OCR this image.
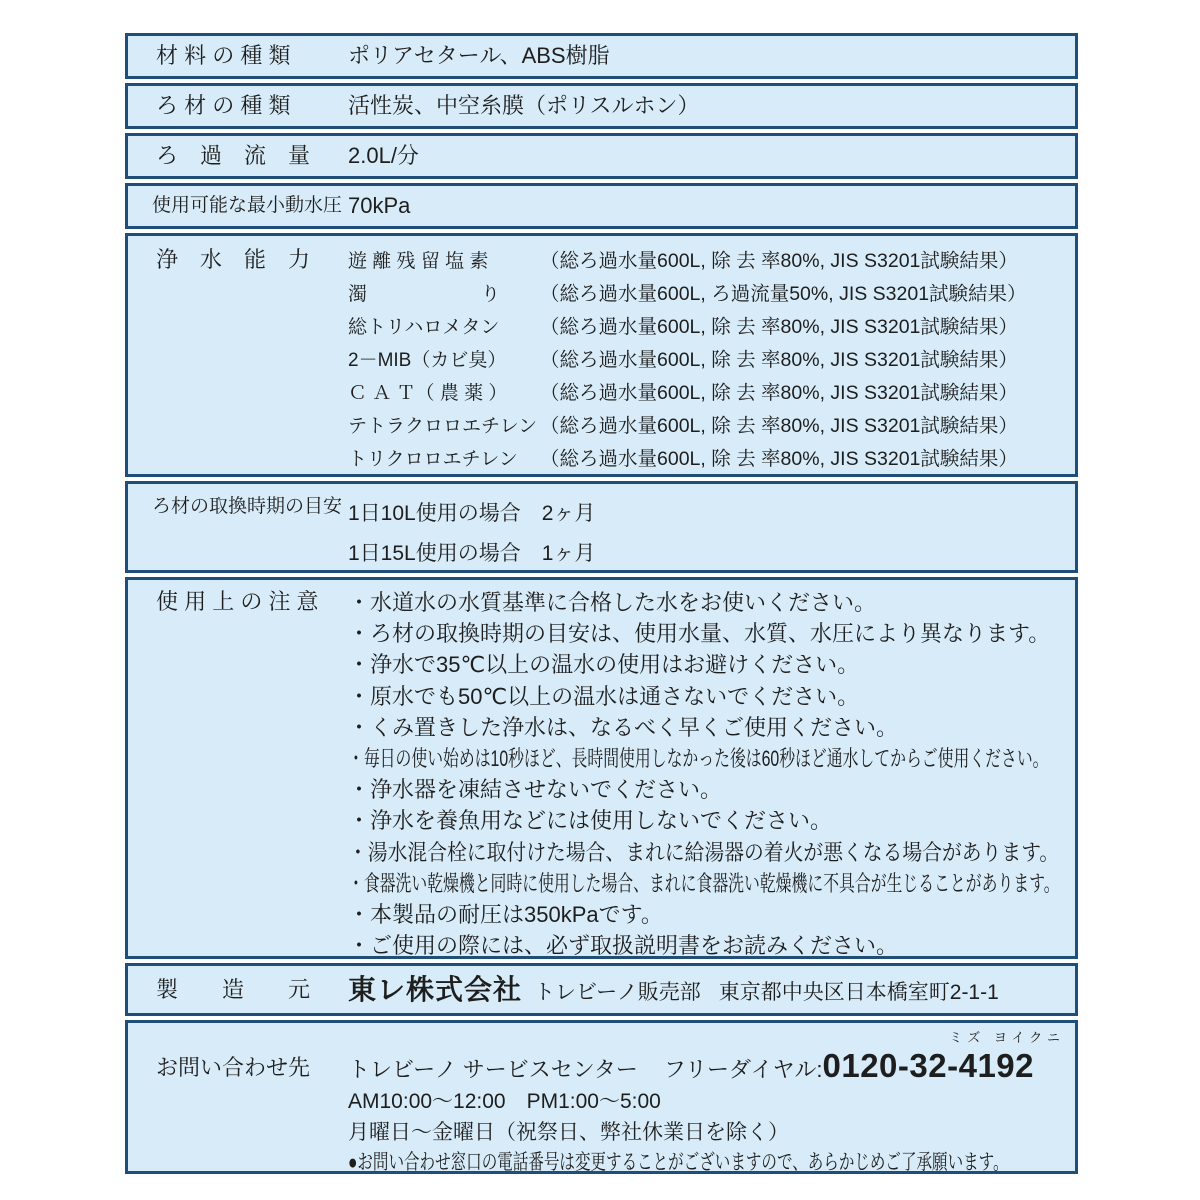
材 料 の 種 類	ポリアセタール、ABS樹脂
ろ 材 の 種 類	活性炭、中空糸膜（ポリスルホン）
ろ　過　流　量	2.0L/分
使用可能な最小動水圧 70kPa
浄　水　能　力	遊 離 残 留 塩 素	（総ろ過水量600L, 除 去 率80%, JIS S3201試験結果）
濁　　　　　　り （総ろ過水量600L, ろ過流量50%, JIS S3201試験結果）
総トリハロメタン （総ろ過水量600L, 除 去 率80%, JIS S3201試験結果）
2－MIB（カビ臭） （総ろ過水量600L, 除 去 率80%, JIS S3201試験結果）
Ｃ Ａ Ｔ（ 農 薬 ） （総ろ過水量600L, 除 去 率80%, JIS S3201試験結果）
テトラクロロエチレン （総ろ過水量600L, 除 去 率80%, JIS S3201試験結果）
トリクロロエチレン （総ろ過水量600L, 除 去 率80%, JIS S3201試験結果）
ろ材の取換時期の目安 1日10L使用の場合　2ヶ月
1日15L使用の場合　1ヶ月
使 用 上 の 注 意	・水道水の水質基準に合格した水をお使いください。
・ろ材の取換時期の目安は、使用水量、水質、水圧により異なります。
・浄水で35℃以上の温水の使用はお避けください。
・原水でも50℃以上の温水は通さないでください。
・くみ置きした浄水は、なるべく早くご使用ください。
・毎日の使い始めは10秒ほど、長時間使用しなかった後は60秒ほど通水してからご使用ください。
・浄水器を凍結させないでください。
・浄水を養魚用などには使用しないでください。
・湯水混合栓に取付けた場合、まれに給湯器の着火が悪くなる場合があります。
・食器洗い乾燥機と同時に使用した場合、まれに食器洗い乾燥機に不具合が生じることがあります。
・本製品の耐圧は350kPaです。
・ご使用の際には、必ず取扱説明書をお読みください。
製　　造　　元	東レ株式会社 トレビーノ販売部 東京都中央区日本橋室町2-1-1
お問い合わせ先
ミズ ヨイクニ
トレビーノ サービスセンター フリーダイヤル: 0120-32-4192
AM10:00～12:00　PM1:00～5:00
月曜日～金曜日（祝祭日、弊社休業日を除く）
●お問い合わせ窓口の電話番号は変更することがございますので、あらかじめご了承願います。
